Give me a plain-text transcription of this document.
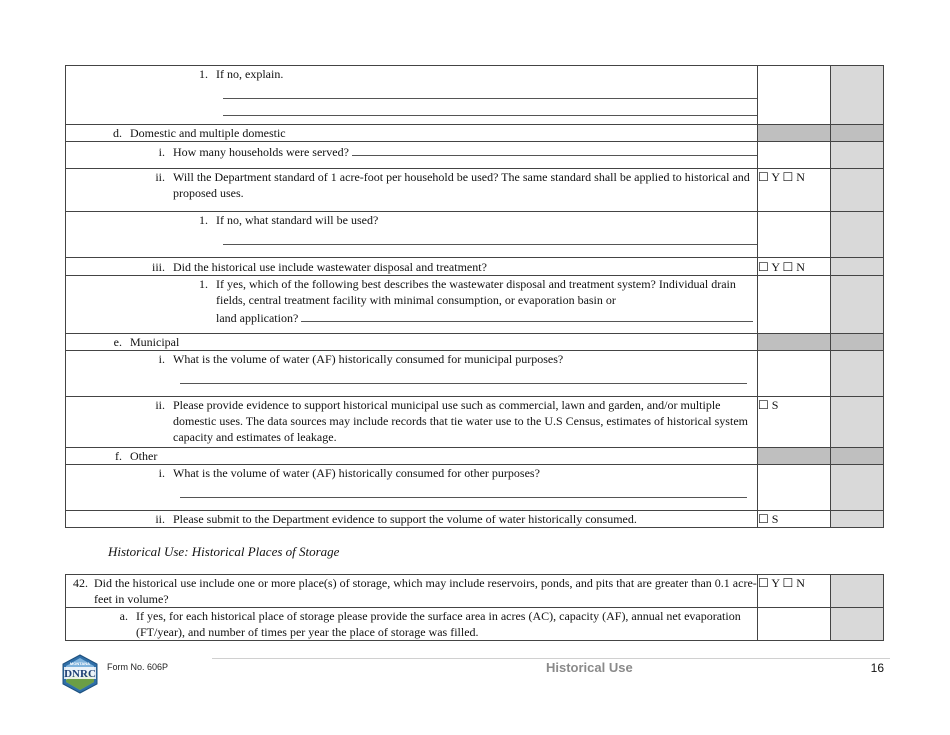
1. If no, explain.		

d. Domestic and multiple domestic		

i. How many households were served?		

ii. Will the Department standard of 1 acre-foot per household be used? The same standard shall be applied to historical and proposed uses.	☐ Y ☐ N	

1. If no, what standard will be used?		

iii. Did the historical use include wastewater disposal and treatment?	☐ Y ☐ N	

1. If yes, which of the following best describes the wastewater disposal and treatment system? Individual drain fields, central treatment facility with minimal consumption, or evaporation basin or
land application?		

e. Municipal		

i. What is the volume of water (AF) historically consumed for municipal purposes?		

ii. Please provide evidence to support historical municipal use such as commercial, lawn and garden, and/or multiple domestic uses. The data sources may include records that tie water use to the U.S Census, estimates of historical system capacity and estimates of leakage.	☐ S	

f. Other		

i. What is the volume of water (AF) historically consumed for other purposes?		

ii. Please submit to the Department evidence to support the volume of water historically consumed.	☐ S	
Historical Use: Historical Places of Storage
42. Did the historical use include one or more place(s) of storage, which may include reservoirs, ponds, and pits that are greater than 0.1 acre-feet in volume?	☐ Y ☐ N	

a. If yes, for each historical place of storage please provide the surface area in acres (AC), capacity (AF), annual net evaporation (FT/year), and number of times per year the place of storage was filled.		

MONTANA
DNRC
Form No. 606P	Historical Use	16
